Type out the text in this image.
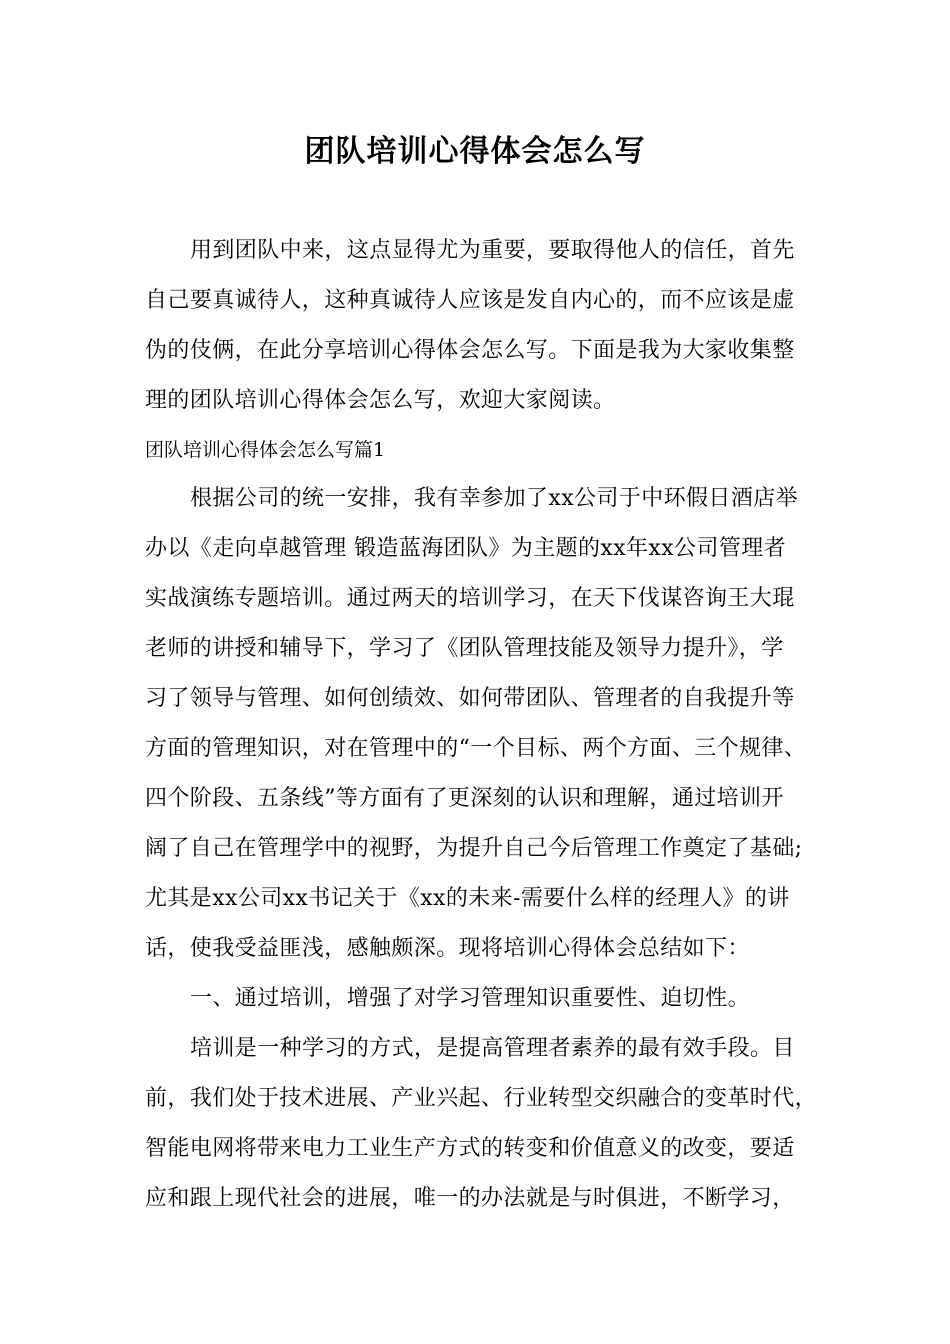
团队培训心得体会怎么写
用到团队中来，这点显得尤为重要，要取得他人的信任，首先
自己要真诚待人，这种真诚待人应该是发自内心的，而不应该是虚
伪的伎俩，在此分享培训心得体会怎么写。下面是我为大家收集整
理的团队培训心得体会怎么写，欢迎大家阅读。
团队培训心得体会怎么写篇1
根据公司的统一安排，我有幸参加了xx公司于中环假日酒店举
办以《走向卓越管理 锻造蓝海团队》为主题的xx年xx公司管理者
实战演练专题培训。通过两天的培训学习，在天下伐谋咨询王大琨
老师的讲授和辅导下，学习了《团队管理技能及领导力提升》，学
习了领导与管理、如何创绩效、如何带团队、管理者的自我提升等
方面的管理知识，对在管理中的“一个目标、两个方面、三个规律、
四个阶段、五条线”等方面有了更深刻的认识和理解，通过培训开
阔了自己在管理学中的视野，为提升自己今后管理工作奠定了基础;
尤其是xx公司xx书记关于《xx的未来-需要什么样的经理人》的讲
话，使我受益匪浅，感触颇深。现将培训心得体会总结如下：
一、通过培训，增强了对学习管理知识重要性、迫切性。
培训是一种学习的方式，是提高管理者素养的最有效手段。目
前，我们处于技术进展、产业兴起、行业转型交织融合的变革时代，
智能电网将带来电力工业生产方式的转变和价值意义的改变，要适
应和跟上现代社会的进展，唯一的办法就是与时俱进，不断学习，
